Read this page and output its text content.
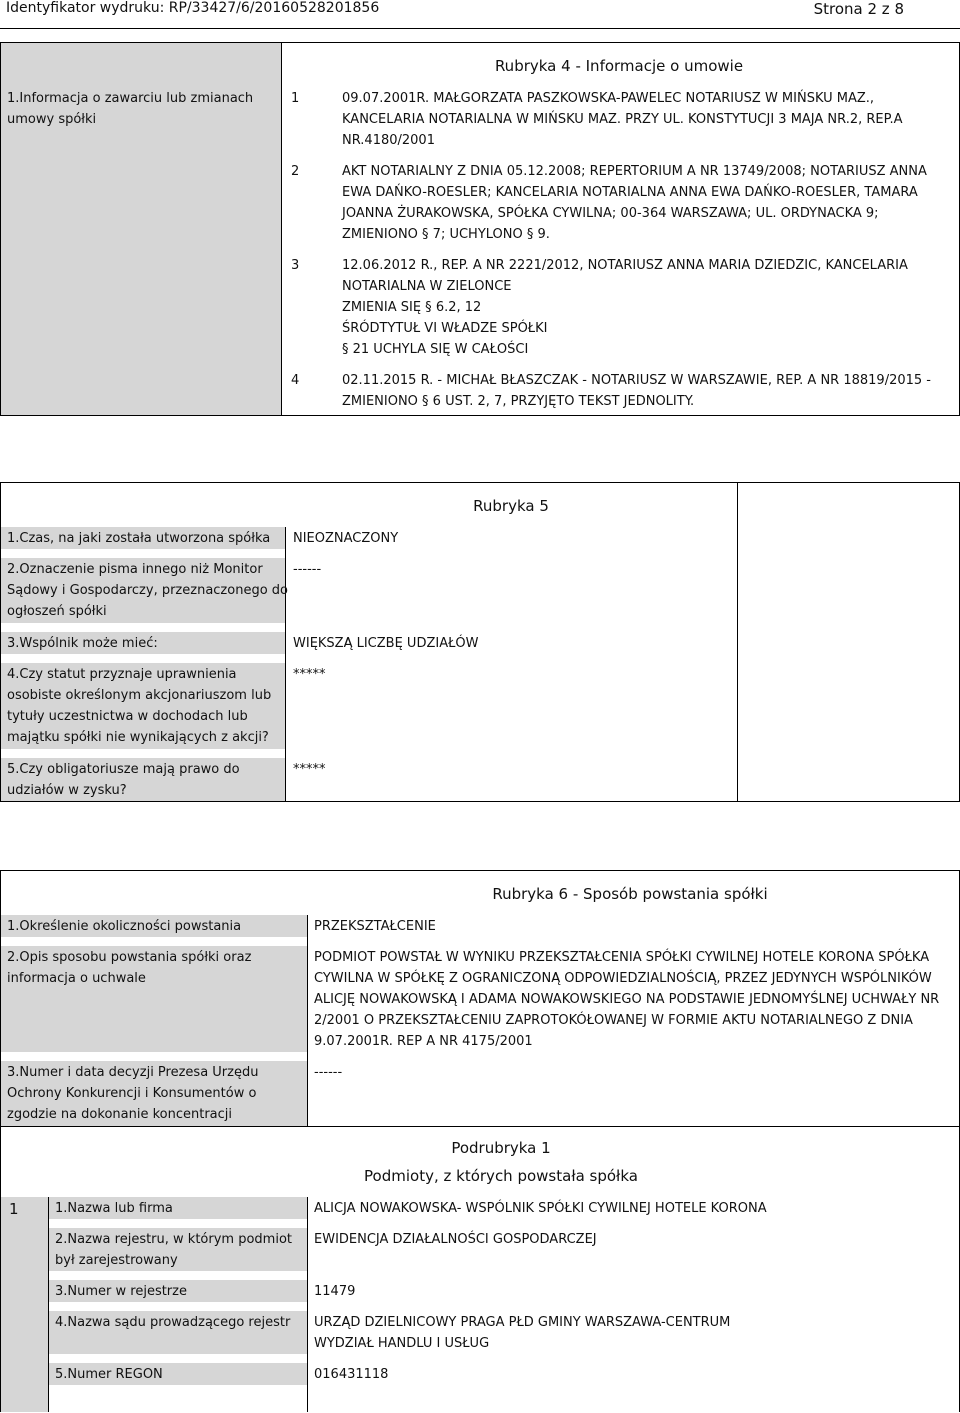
Identyfikator wydruku: RP/33427/6/20160528201856	Strona 2 z 8
Rubryka 4 - Informacje o umowie
1.Informacja o zawarciu lub zmianach
umowy spółki
1	09.07.2001R. MAŁGORZATA PASZKOWSKA-PAWELEC NOTARIUSZ W MIŃSKU MAZ.,
KANCELARIA NOTARIALNA W MIŃSKU MAZ. PRZY UL. KONSTYTUCJI 3 MAJA NR.2, REP.A
NR.4180/2001
2	AKT NOTARIALNY Z DNIA 05.12.2008; REPERTORIUM A NR 13749/2008; NOTARIUSZ ANNA
EWA DAŃKO-ROESLER; KANCELARIA NOTARIALNA ANNA EWA DAŃKO-ROESLER, TAMARA
JOANNA ŻURAKOWSKA, SPÓŁKA CYWILNA; 00-364 WARSZAWA; UL. ORDYNACKA 9;
ZMIENIONO § 7; UCHYLONO § 9.
3	12.06.2012 R., REP. A NR 2221/2012, NOTARIUSZ ANNA MARIA DZIEDZIC, KANCELARIA
NOTARIALNA W ZIELONCE
ZMIENIA SIĘ § 6.2, 12
ŚRÓDTYTUŁ VI WŁADZE SPÓŁKI
§ 21 UCHYLA SIĘ W CAŁOŚCI
4	02.11.2015 R. - MICHAŁ BŁASZCZAK - NOTARIUSZ W WARSZAWIE, REP. A NR 18819/2015 -
ZMIENIONO § 6 UST. 2, 7, PRZYJĘTO TEKST JEDNOLITY.
Rubryka 5
1.Czas, na jaki została utworzona spółka NIEOZNACZONY
2.Oznaczenie pisma innego niż Monitor
Sądowy i Gospodarczy, przeznaczonego do
ogłoszeń spółki
------
3.Wspólnik może mieć:	WIĘKSZĄ LICZBĘ UDZIAŁÓW
4.Czy statut przyznaje uprawnienia
osobiste określonym akcjonariuszom lub
tytuły uczestnictwa w dochodach lub
majątku spółki nie wynikających z akcji?
*****
5.Czy obligatoriusze mają prawo do
udziałów w zysku?
*****
Rubryka 6 - Sposób powstania spółki
1.Określenie okoliczności powstania	PRZEKSZTAŁCENIE
2.Opis sposobu powstania spółki oraz
informacja o uchwale
PODMIOT POWSTAŁ W WYNIKU PRZEKSZTAŁCENIA SPÓŁKI CYWILNEJ HOTELE KORONA SPÓŁKA
CYWILNA W SPÓŁKĘ Z OGRANICZONĄ ODPOWIEDZIALNOŚCIĄ, PRZEZ JEDYNYCH WSPÓLNIKÓW
ALICJĘ NOWAKOWSKĄ I ADAMA NOWAKOWSKIEGO NA PODSTAWIE JEDNOMYŚLNEJ UCHWAŁY NR
2/2001 O PRZEKSZTAŁCENIU ZAPROTOKÓŁOWANEJ W FORMIE AKTU NOTARIALNEGO Z DNIA
9.07.2001R. REP A NR 4175/2001
3.Numer i data decyzji Prezesa Urzędu
Ochrony Konkurencji i Konsumentów o
zgodzie na dokonanie koncentracji
------
Podrubryka 1
Podmioty, z których powstała spółka
1	1.Nazwa lub firma	ALICJA NOWAKOWSKA- WSPÓLNIK SPÓŁKI CYWILNEJ HOTELE KORONA
2.Nazwa rejestru, w którym podmiot
był zarejestrowany
EWIDENCJA DZIAŁALNOŚCI GOSPODARCZEJ
3.Numer w rejestrze	11479
4.Nazwa sądu prowadzącego rejestr URZĄD DZIELNICOWY PRAGA PŁD GMINY WARSZAWA-CENTRUM
WYDZIAŁ HANDLU I USŁUG
5.Numer REGON	016431118
